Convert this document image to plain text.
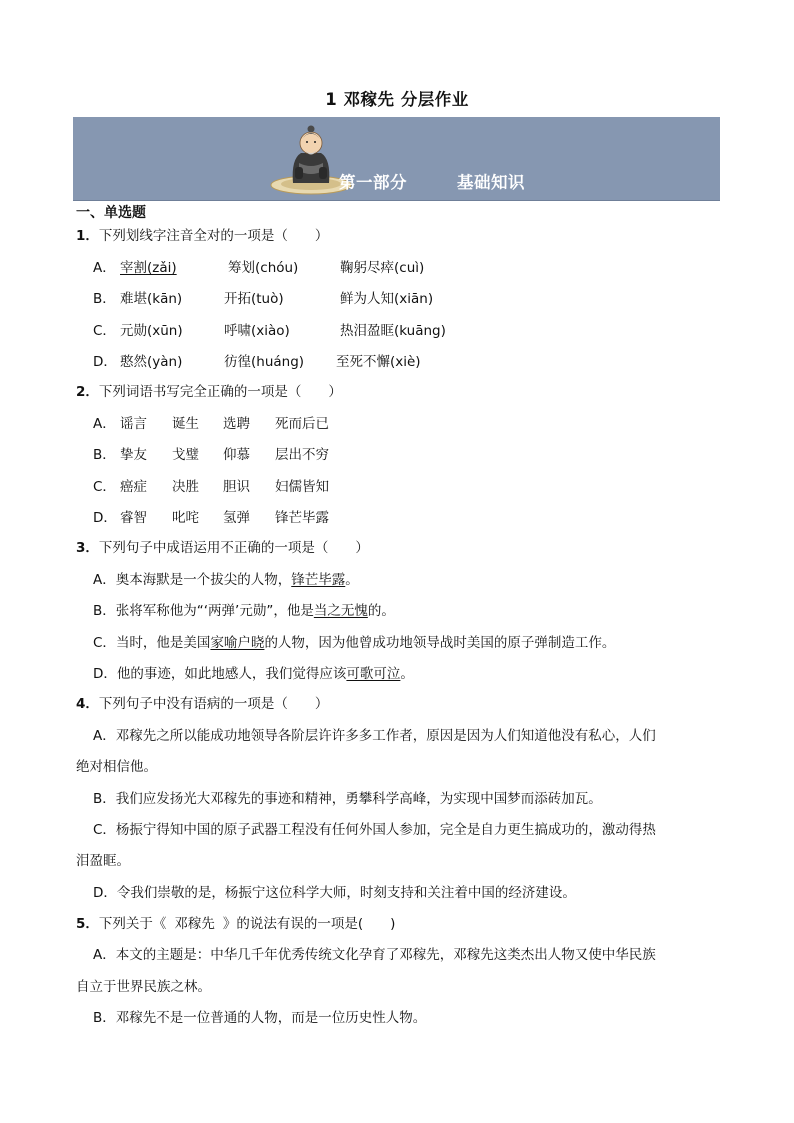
1 邓稼先 分层作业
第一部分	基础知识
一、单选题
1．下列划线字注音全对的一项是（　　）
A． 宰割(zǎi)	筹划(chóu)	鞠躬尽瘁(cuì)
B． 难堪(kān)	开拓(tuò)	鲜为人知(xiān)
C． 元勋(xūn)	呼啸(xiào)	热泪盈眶(kuāng)
D． 憨然(yàn)	彷徨(huáng) 至死不懈(xiè)
2．下列词语书写完全正确的一项是（　　）
A． 谣言 诞生 选聘 死而后已
B． 挚友 戈璧 仰慕 层出不穷
C． 癌症 决胜 胆识 妇儒皆知
D． 睿智 叱咤 氢弹 锋芒毕露
3．下列句子中成语运用不正确的一项是（　　）
A．奥本海默是一个拔尖的人物，锋芒毕露。
B．张将军称他为“‘两弹’元勋”，他是当之无愧的。
C．当时，他是美国家喻户晓的人物，因为他曾成功地领导战时美国的原子弹制造工作。
D．他的事迹，如此地感人，我们觉得应该可歌可泣。
4．下列句子中没有语病的一项是（　　）
A．邓稼先之所以能成功地领导各阶层许许多多工作者，原因是因为人们知道他没有私心，人们
绝对相信他。
B．我们应发扬光大邓稼先的事迹和精神，勇攀科学高峰，为实现中国梦而添砖加瓦。
C．杨振宁得知中国的原子武器工程没有任何外国人参加，完全是自力更生搞成功的，激动得热
泪盈眶。
D．令我们崇敬的是，杨振宁这位科学大师，时刻支持和关注着中国的经济建设。
5．下列关于《 邓稼先 》的说法有误的一项是(　　)
A．本文的主题是：中华几千年优秀传统文化孕育了邓稼先，邓稼先这类杰出人物又使中华民族
自立于世界民族之林。
B．邓稼先不是一位普通的人物，而是一位历史性人物。
